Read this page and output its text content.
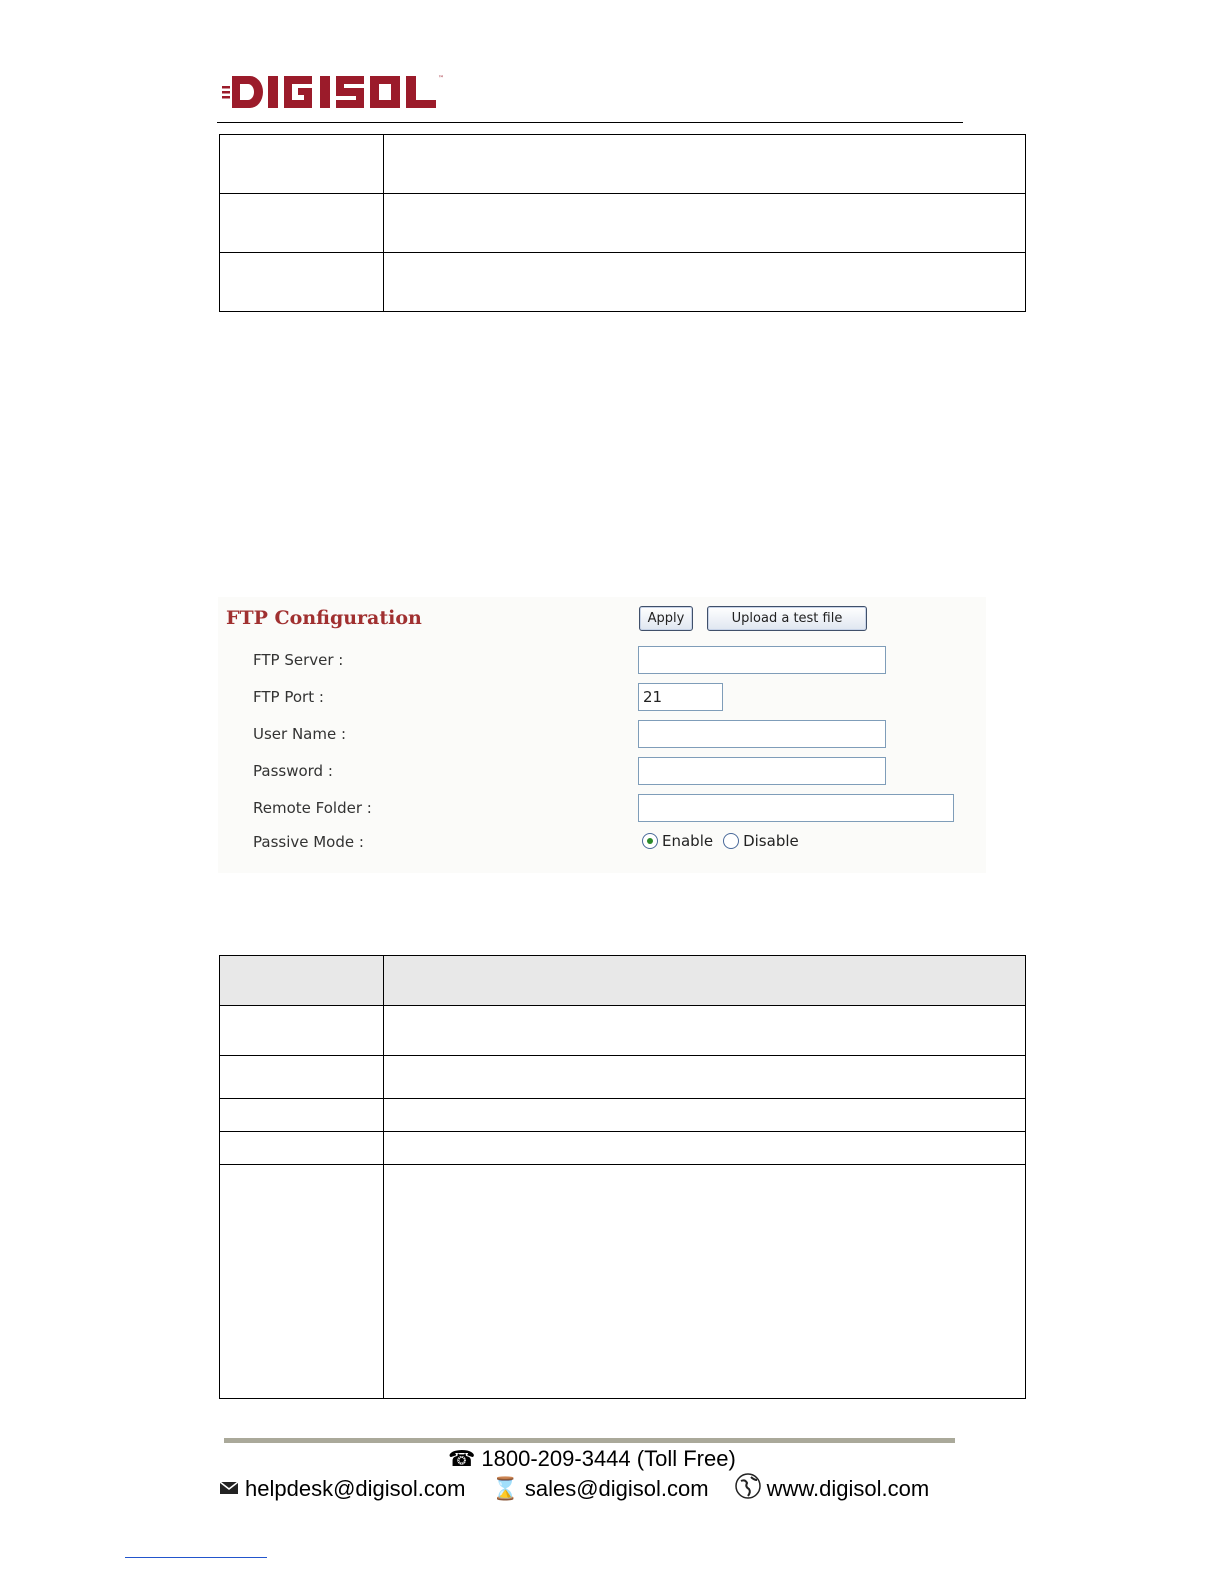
™

FTP Configuration	Apply	Upload a test file
FTP Server :
FTP Port :	21
User Name :
Password :
Remote Folder :
Passive Mode :	Enable Disable

☎ 1800-209-3444 (Toll Free)
helpdesk@digisol.com ⌛ sales@digisol.com	www.digisol.com
